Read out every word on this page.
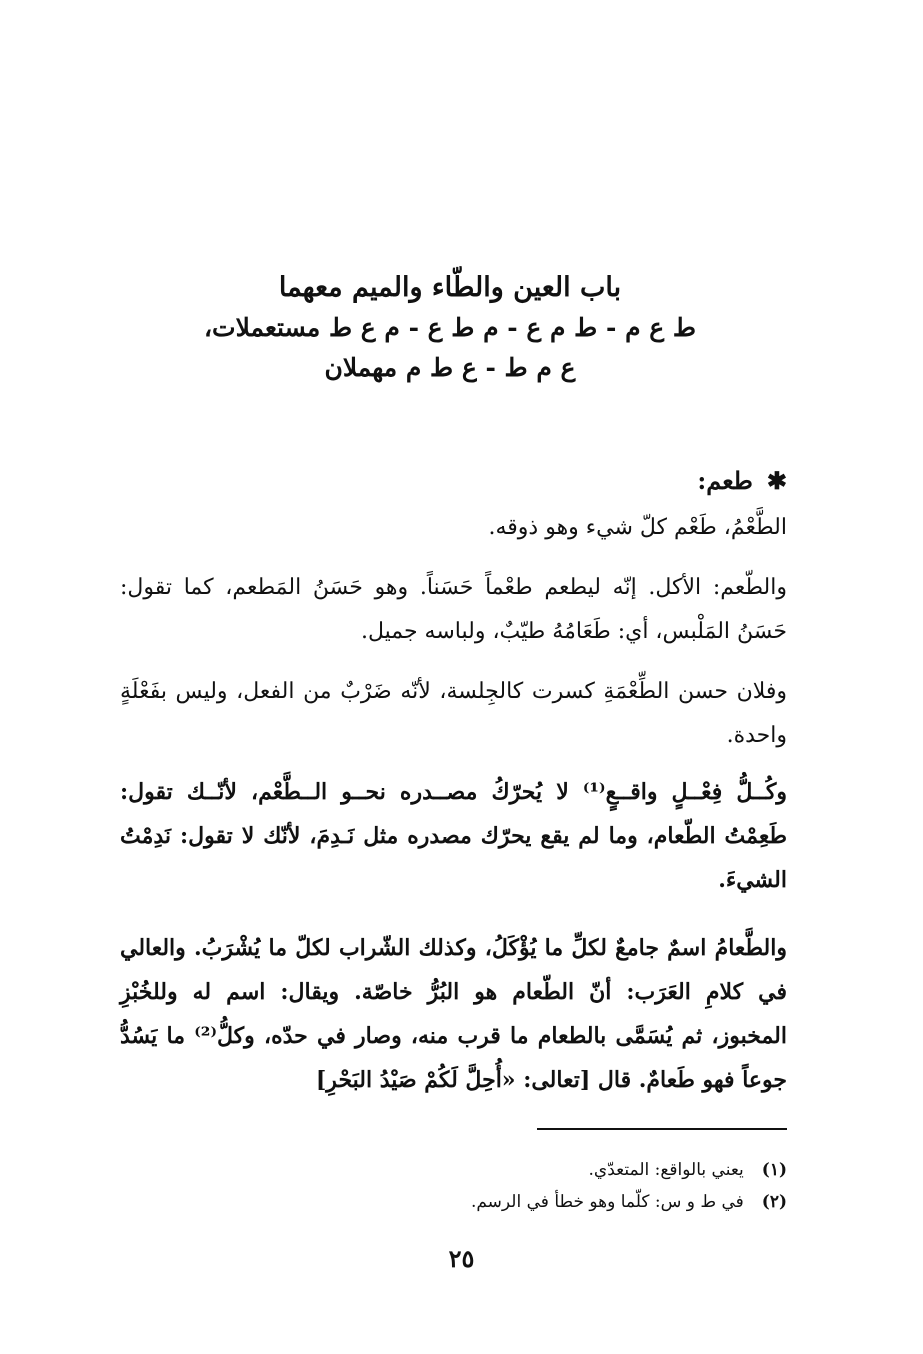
باب العين والطّاء والميم معهما
ط ع م - ط م ع - م ط ع - م ع ط مستعملات،
ع م ط - ع ط م مهملان
✱طعم:
الطَّعْمُ، طَعْم كلّ شيء وهو ذوقه.
والطّعم: الأكل. إنّه ليطعم طعْماً حَسَناً. وهو حَسَنُ المَطعم، كما تقول: حَسَنُ المَلْبس، أي: طَعَامُهُ طيّبٌ، ولباسه جميل.
وفلان حسن الطِّعْمَةِ كسرت كالجِلسة، لأنّه ضَرْبٌ من الفعل، وليس بفَعْلَةٍ واحدة.
وكُــلُّ فِعْــلٍ واقــعٍ⁽¹⁾ لا يُحرّكُ مصــدره نحــو الــطَّعْم، لأنّــك تقول: طَعِمْتُ الطّعام، وما لم يقع يحرّك مصدره مثل نَـدِمَ، لأنّك لا تقول: نَدِمْتُ الشيءَ.
والطَّعامُ اسمٌ جامعٌ لكلِّ ما يُؤْكَلُ، وكذلك الشّراب لكلّ ما يُشْرَبُ. والعالي في كلامِ العَرَب: أنّ الطّعام هو البُرُّ خاصّة. ويقال: اسم له وللخُبْزِ المخبوز، ثم يُسَمَّى بالطعام ما قرب منه، وصار في حدّه، وكلُّ⁽²⁾ ما يَسُدُّ جوعاً فهو طَعامٌ. قال [تعالى: «أُحِلَّ لَكُمْ صَيْدُ البَحْرِ]
(١)يعني بالواقع: المتعدّي.
(٢)في ط و س: كلّما وهو خطأ في الرسم.
٢٥
